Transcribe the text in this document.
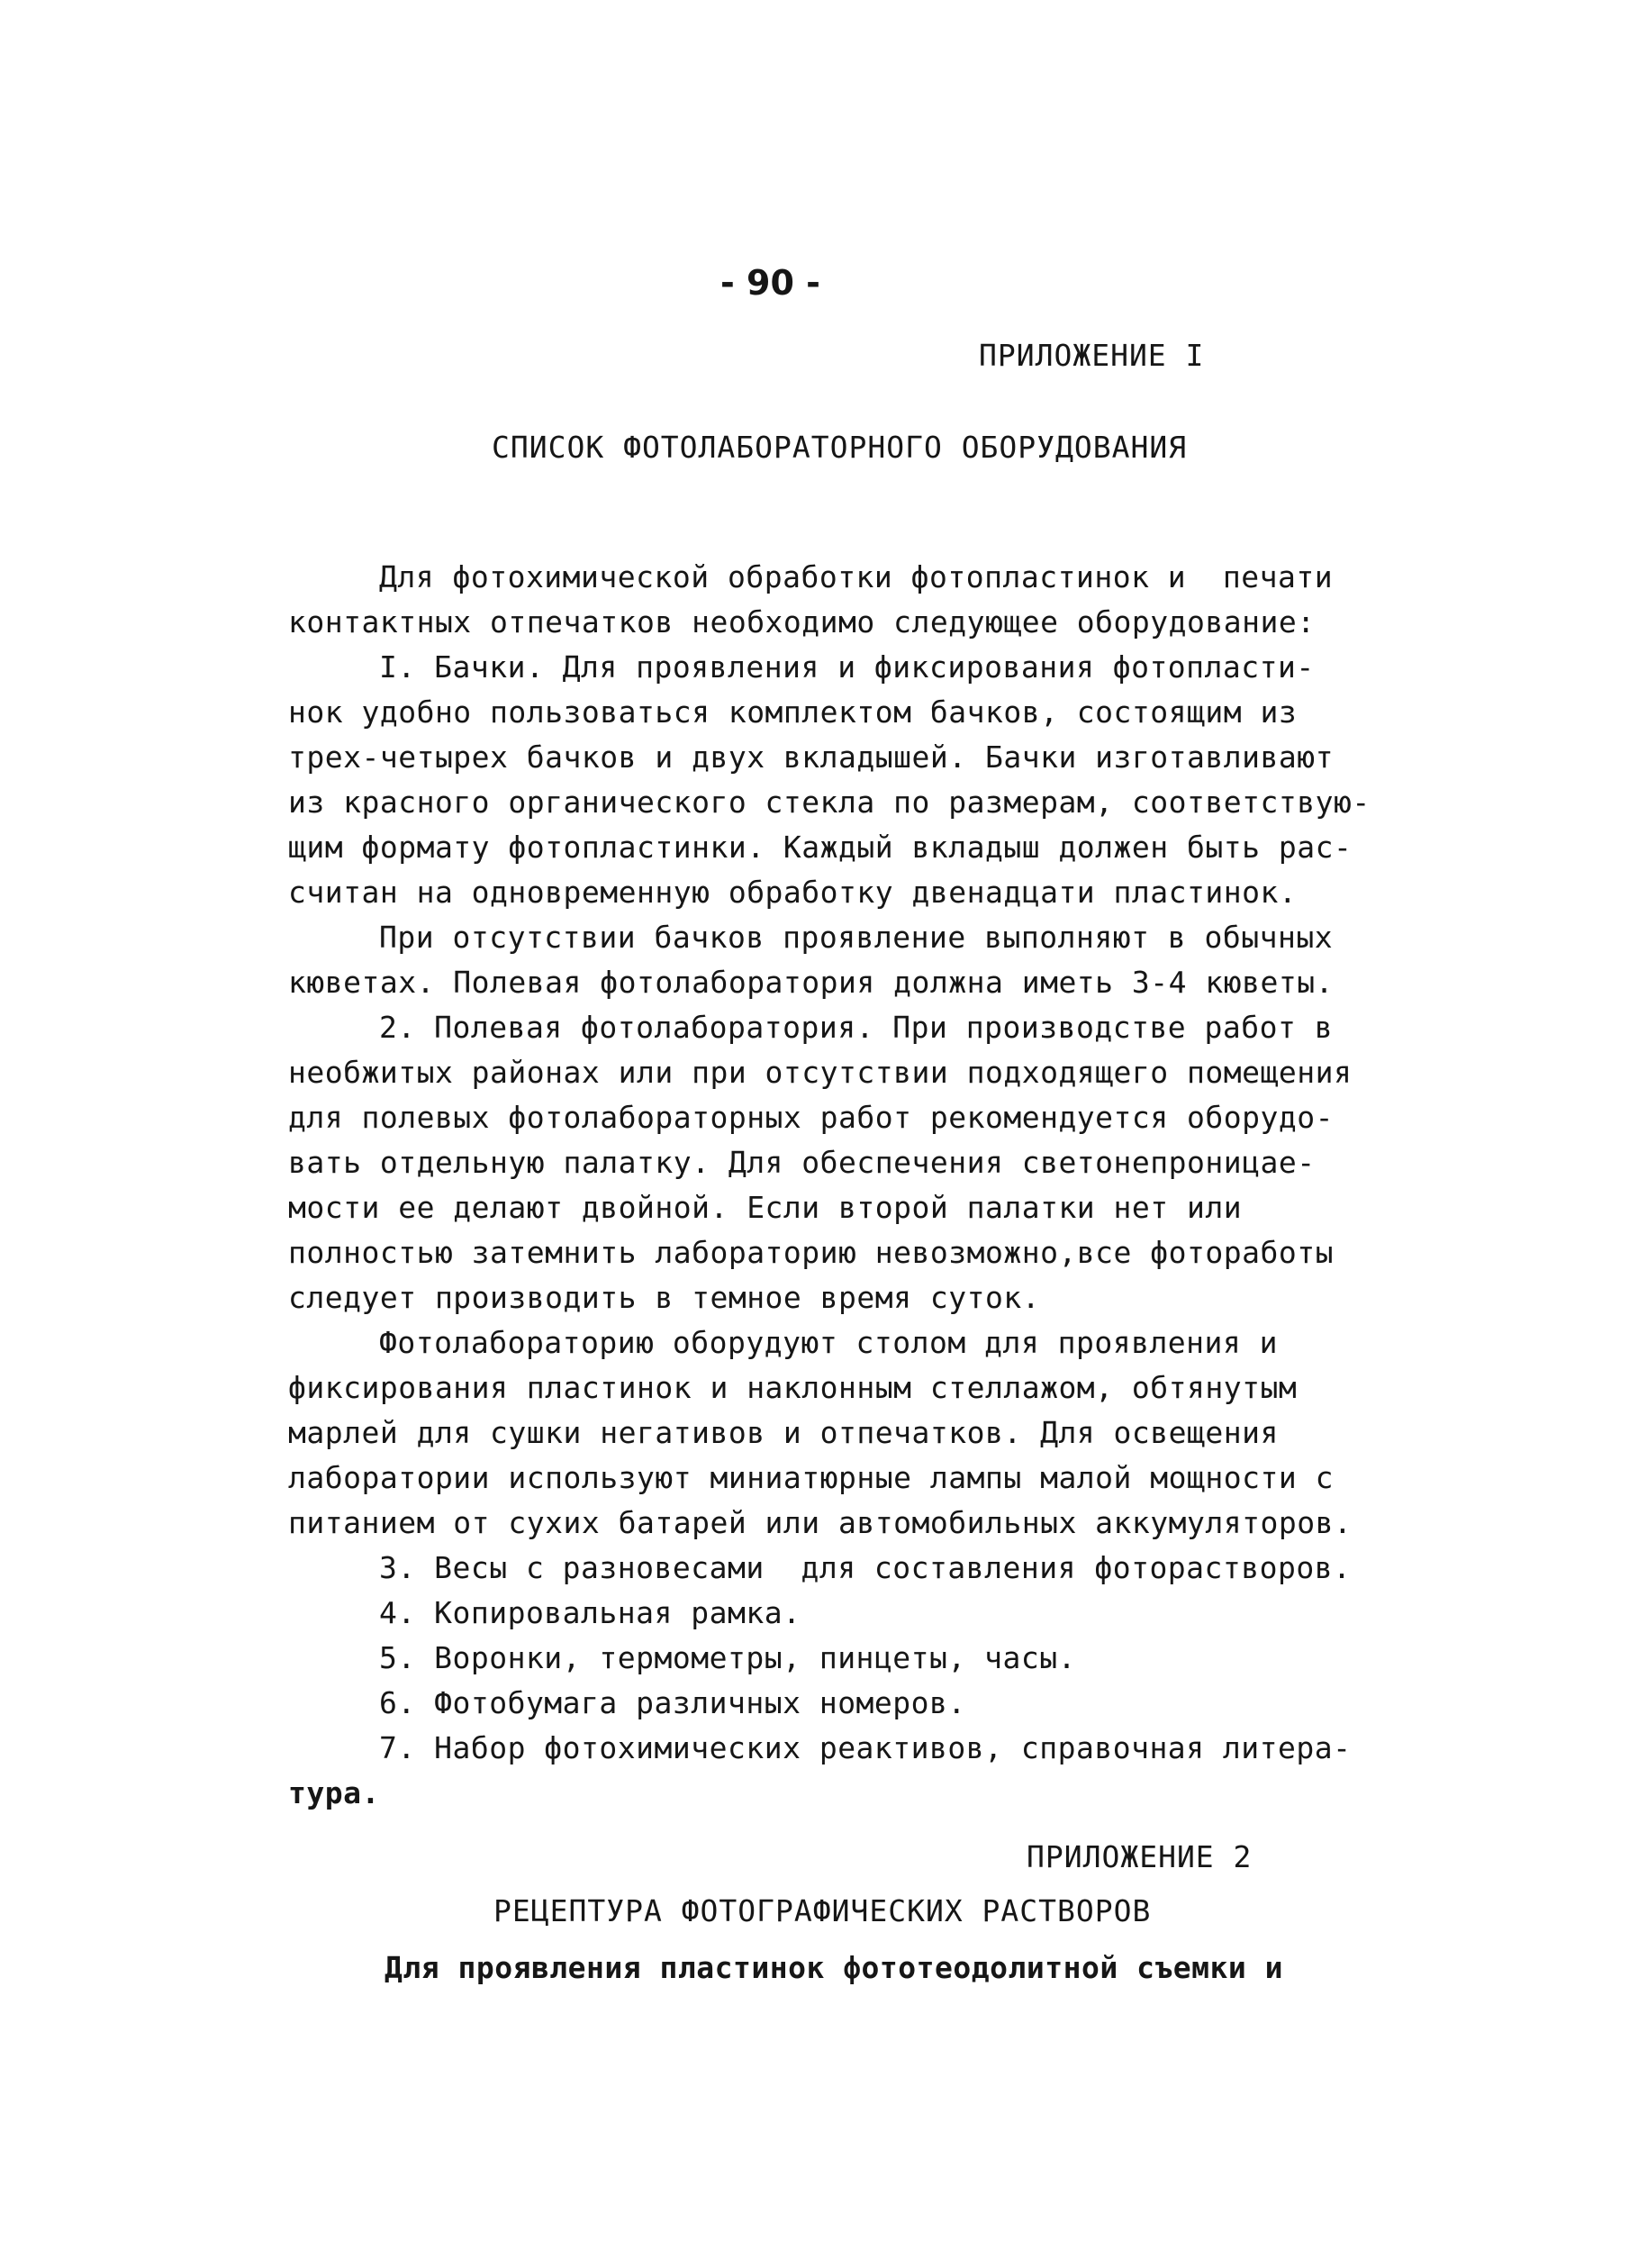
- 90 -
ПРИЛОЖЕНИЕ I
СПИСОК ФОТОЛАБОРАТОРНОГО ОБОРУДОВАНИЯ
Для фотохимической обработки фотопластинок и  печати
контактных отпечатков необходимо следующее оборудование:
I. Бачки. Для проявления и фиксирования фотопласти-
нок удобно пользоваться комплектом бачков, состоящим из
трех-четырех бачков и двух вкладышей. Бачки изготавливают
из красного органического стекла по размерам, соответствую-
щим формату фотопластинки. Каждый вкладыш должен быть рас-
считан на одновременную обработку двенадцати пластинок.
При отсутствии бачков проявление выполняют в обычных
кюветах. Полевая фотолаборатория должна иметь 3-4 кюветы.
2. Полевая фотолаборатория. При производстве работ в
необжитых районах или при отсутствии подходящего помещения
для полевых фотолабораторных работ рекомендуется оборудо-
вать отдельную палатку. Для обеспечения светонепроницае-
мости ее делают двойной. Если второй палатки нет или
полностью затемнить лабораторию невозможно,все фоторабо​ты
следует производить в темное время суток.
Фотолабораторию оборудуют столом для проявления и
фиксирования пластинок и наклонным стеллажом, обтянутым
марлей для сушки негативов и отпечатков. Для освещения
лаборатории используют миниатюрные лампы малой мощности с
питанием от сухих батарей или автомобильных аккумуляторов.
3. Весы с разновесами  для составления фоторастворов.
4. Копировальная рамка.
5. Воронки, термометры, пинцеты, часы.
6. Фотобумага различных номеров.
7. Набор фотохимических реактивов, справочная литера-
тура.
ПРИЛОЖЕНИЕ 2
РЕЦЕПТУРА ФОТОГРАФИЧЕСКИХ РАСТВОРОВ
Для проявления пластинок фототеодолитной съемки и
